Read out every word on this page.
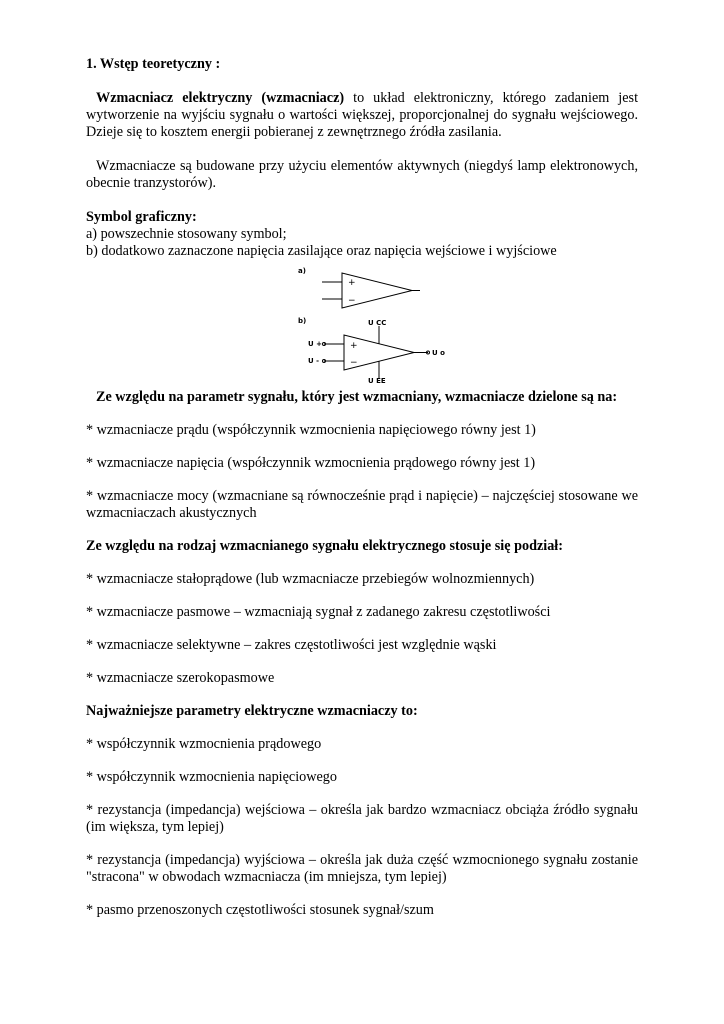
1. Wstęp teoretyczny :

Wzmacniacz elektryczny (wzmacniacz) to układ elektroniczny, którego zadaniem jest wytworzenie na wyjściu sygnału o wartości większej, proporcjonalnej do sygnału wejściowego. Dzieje się to kosztem energii pobieranej z zewnętrznego źródła zasilania.

Wzmacniacze są budowane przy użyciu elementów aktywnych (niegdyś lamp elektronowych, obecnie tranzystorów).

Symbol graficzny:

a) powszechnie stosowany symbol;

b) dodatkowo zaznaczone napięcia zasilające oraz napięcia wejściowe i wyjściowe

a)
+
−
b)
+
−
U CC
U EE
U +
U -
U o

Ze względu na parametr sygnału, który jest wzmacniany, wzmacniacze dzielone są na:

* wzmacniacze prądu (współczynnik wzmocnienia napięciowego równy jest 1)

* wzmacniacze napięcia (współczynnik wzmocnienia prądowego równy jest 1)

* wzmacniacze mocy (wzmacniane są równocześnie prąd i napięcie) – najczęściej stosowane we wzmacniaczach akustycznych

Ze względu na rodzaj wzmacnianego sygnału elektrycznego stosuje się podział:

* wzmacniacze stałoprądowe (lub wzmacniacze przebiegów wolnozmiennych)

* wzmacniacze pasmowe – wzmacniają sygnał z zadanego zakresu częstotliwości

* wzmacniacze selektywne – zakres częstotliwości jest względnie wąski

* wzmacniacze szerokopasmowe

Najważniejsze parametry elektryczne wzmacniaczy to:

* współczynnik wzmocnienia prądowego

* współczynnik wzmocnienia napięciowego

* rezystancja (impedancja) wejściowa – określa jak bardzo wzmacniacz obciąża źródło sygnału (im większa, tym lepiej)

* rezystancja (impedancja) wyjściowa – określa jak duża część wzmocnionego sygnału zostanie "stracona" w obwodach wzmacniacza (im mniejsza, tym lepiej)

* pasmo przenoszonych częstotliwości stosunek sygnał/szum
